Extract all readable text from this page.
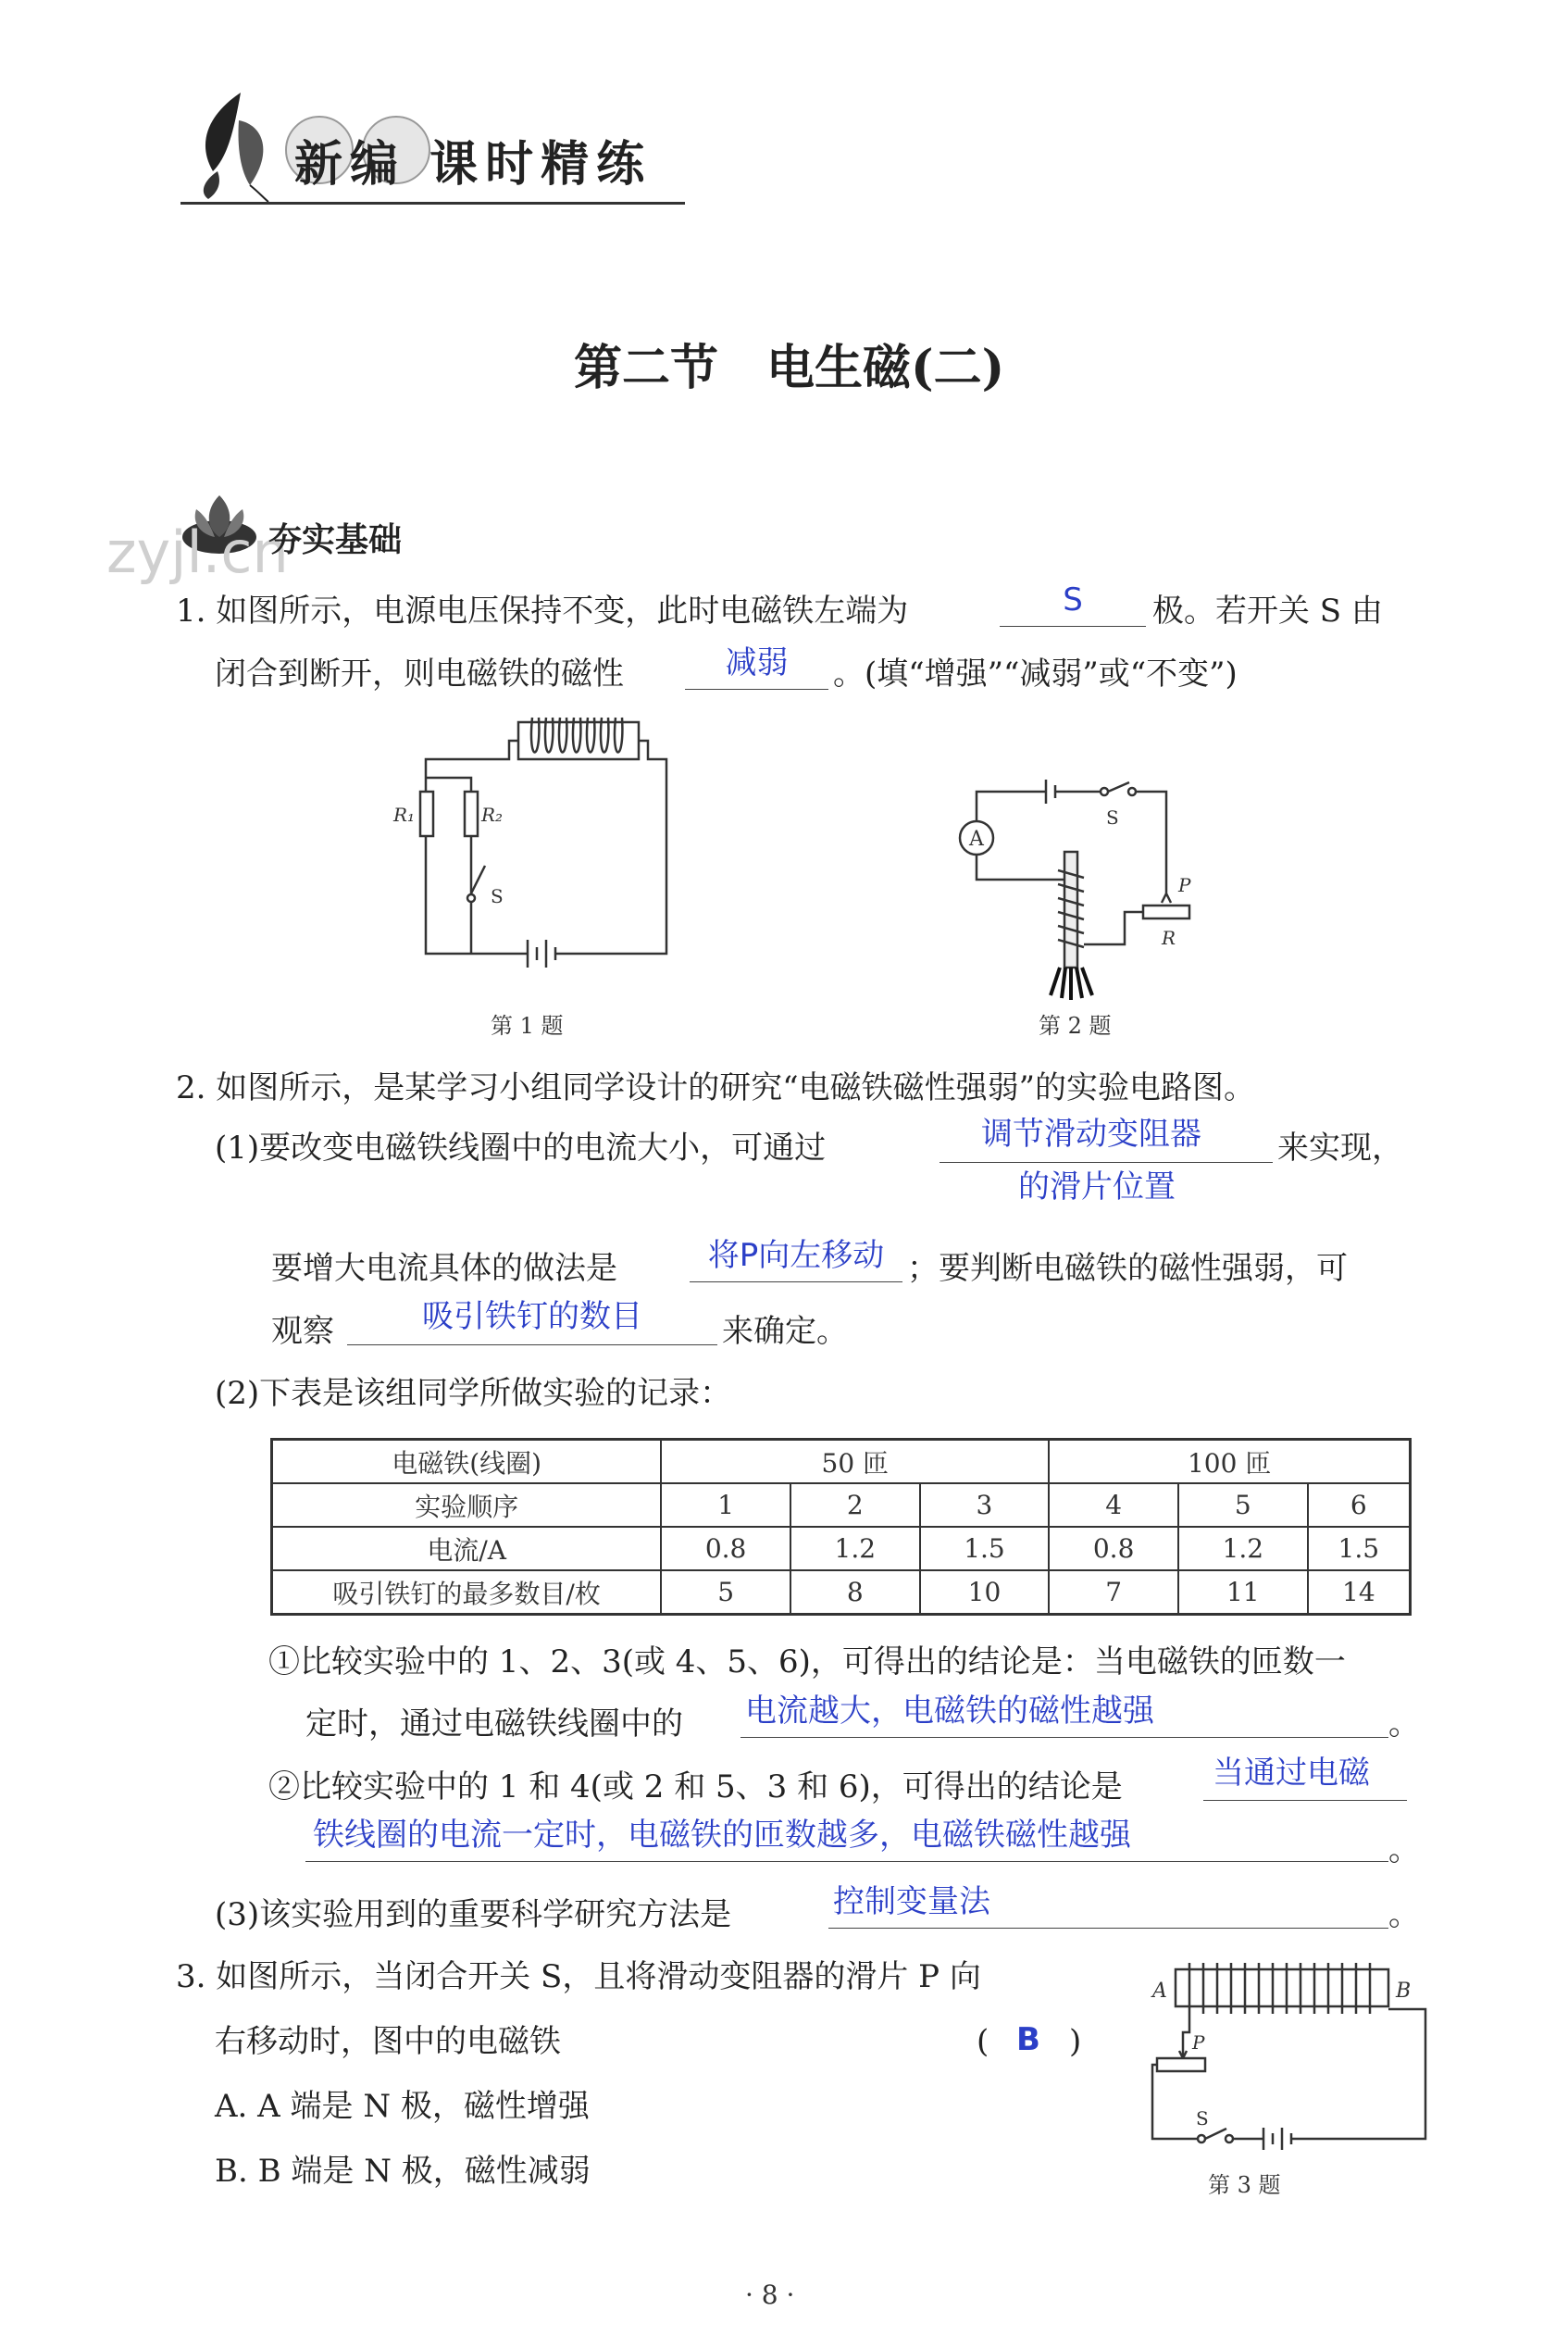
新编 课时精练
第二节　电生磁(二)
zyjl.cn
夯实基础
1. 如图所示，电源电压保持不变，此时电磁铁左端为	S	极。若开关 S 由
闭合到断开，则电磁铁的磁性	减弱	。(填“增强”“减弱”或“不变”)
R₁	R₂
S
第 1 题
A
S
P
R
第 2 题
2. 如图所示，是某学习小组同学设计的研究“电磁铁磁性强弱”的实验电路图。
(1)要改变电磁铁线圈中的电流大小，可通过	调节滑动变阻器
的滑片位置
来实现，
要增大电流具体的做法是	将P向左移动 ；要判断电磁铁的磁性强弱，可
观察	吸引铁钉的数目	来确定。
(2)下表是该组同学所做实验的记录：
电磁铁(线圈)	50 匝			100 匝		
实验顺序	1	2	3	4	5	6
电流/A	0.8	1.2	1.5	0.8	1.2	1.5
吸引铁钉的最多数目/枚	5	8	10	7	11	14
①比较实验中的 1、2、3(或 4、5、6)，可得出的结论是：当电磁铁的匝数一
定时，通过电磁铁线圈中的 电流越大，电磁铁的磁性越强	。
②比较实验中的 1 和 4(或 2 和 5、3 和 6)，可得出的结论是	当通过电磁
铁线圈的电流一定时，电磁铁的匝数越多，电磁铁磁性越强	。
(3)该实验用到的重要科学研究方法是	控制变量法	。
3. 如图所示，当闭合开关 S，且将滑动变阻器的滑片 P 向
右移动时，图中的电磁铁	( B )
A. A 端是 N 极，磁性增强
B. B 端是 N 极，磁性减弱
A	B
P
S
第 3 题
· 8 ·
